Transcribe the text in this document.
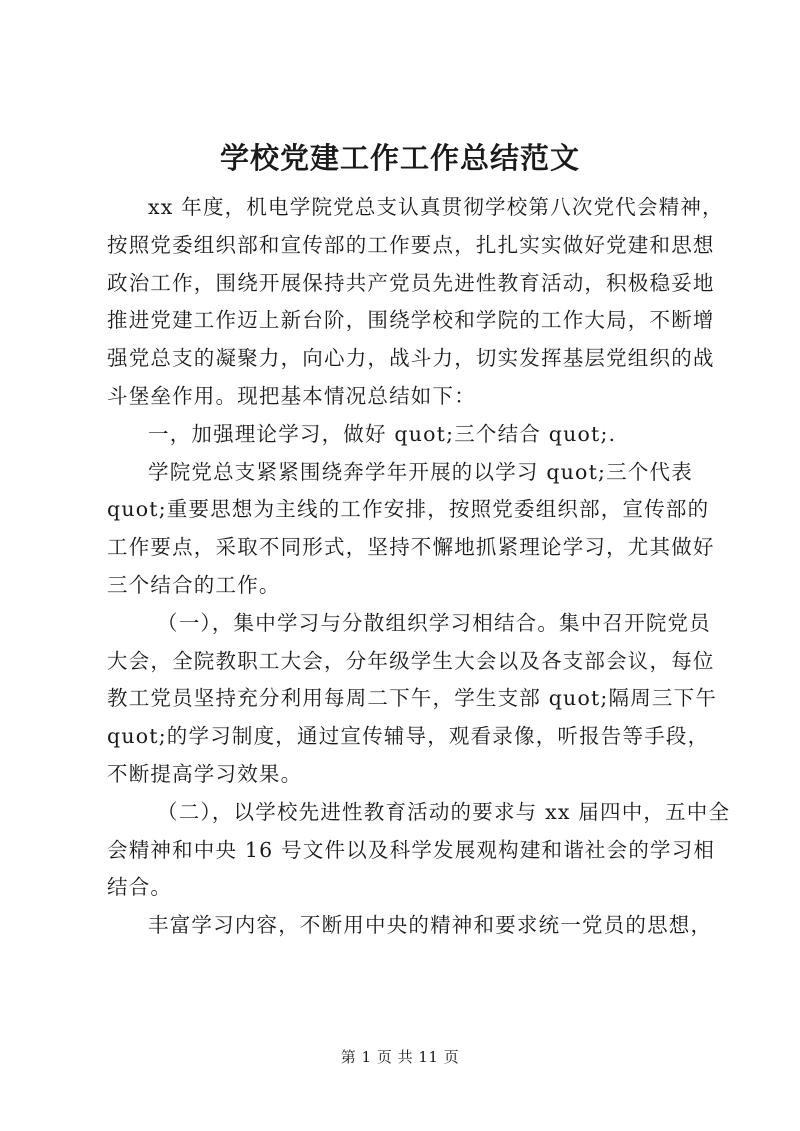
学校党建工作工作总结范文
xx 年度，机电学院党总支认真贯彻学校第八次党代会精神，
按照党委组织部和宣传部的工作要点，扎扎实实做好党建和思想
政治工作，围绕开展保持共产党员先进性教育活动，积极稳妥地
推进党建工作迈上新台阶，围绕学校和学院的工作大局，不断增
强党总支的凝聚力，向心力，战斗力，切实发挥基层党组织的战
斗堡垒作用。现把基本情况总结如下：
一，加强理论学习，做好 quot;三个结合 quot;.
学院党总支紧紧围绕奔学年开展的以学习 quot;三个代表
quot;重要思想为主线的工作安排，按照党委组织部，宣传部的
工作要点，采取不同形式，坚持不懈地抓紧理论学习，尤其做好
三个结合的工作。
（一），集中学习与分散组织学习相结合。集中召开院党员
大会，全院教职工大会，分年级学生大会以及各支部会议，每位
教工党员坚持充分利用每周二下午，学生支部 quot;隔周三下午
quot;的学习制度，通过宣传辅导，观看录像，听报告等手段，
不断提高学习效果。
（二），以学校先进性教育活动的要求与 xx 届四中，五中全
会精神和中央 16 号文件以及科学发展观构建和谐社会的学习相
结合。
丰富学习内容，不断用中央的精神和要求统一党员的思想，
第 1 页 共 11 页
